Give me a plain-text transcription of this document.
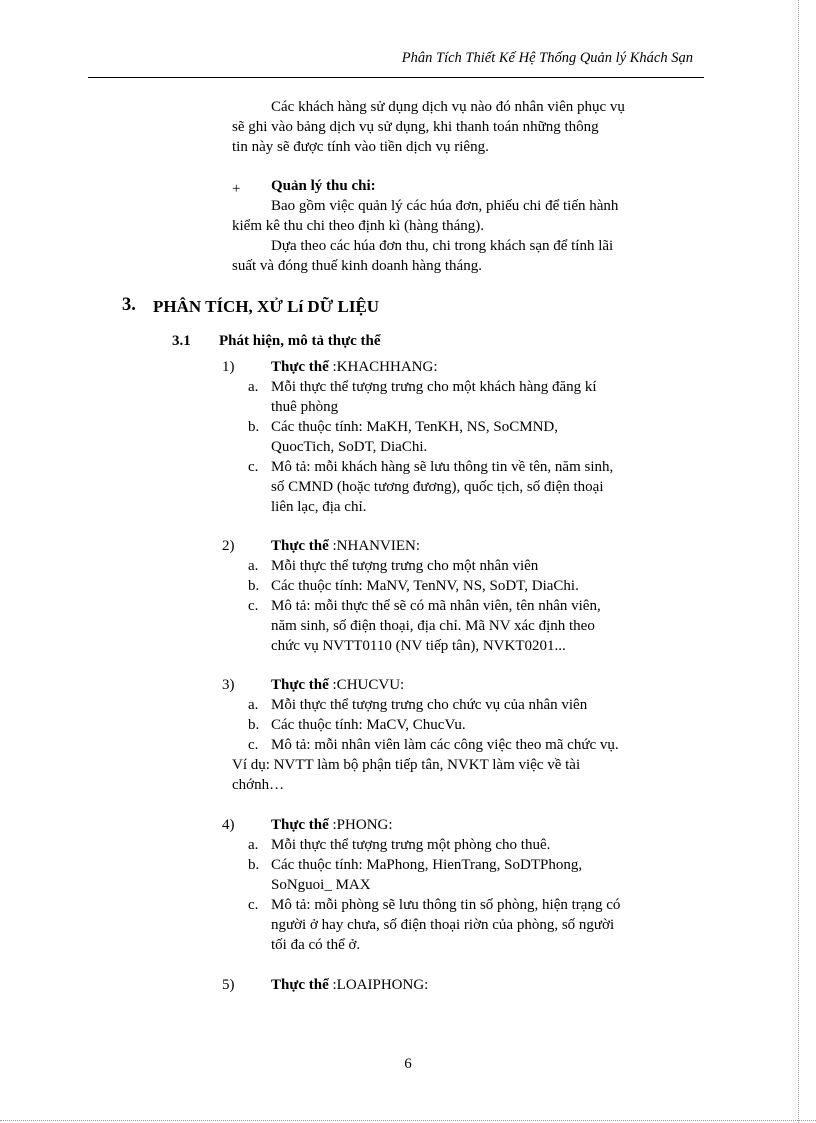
Phân Tích Thiết Kế Hệ Thống Quản lý Khách Sạn
Các khách hàng sử dụng dịch vụ nào đó nhân viên phục vụ
sẽ ghi vào bảng dịch vụ sử dụng, khi thanh toán những thông
tin này sẽ được tính vào tiền dịch vụ riêng.
+ Quản lý thu chi:
Bao gồm việc quản lý các húa đơn, phiếu chi để tiến hành
kiểm kê thu chi theo định kì (hàng tháng).
Dựa theo các húa đơn thu, chi trong khách sạn để tính lãi
suất và đóng thuế kinh doanh hàng tháng.
3. PHÂN TÍCH, XỬ Lí DỮ LIỆU
3.1 Phát hiện, mô tả thực thể
1) Thực thể :KHACHHANG:
a. Mỗi thực thể tượng trưng cho một khách hàng đăng kí
thuê phòng
b. Các thuộc tính: MaKH, TenKH, NS, SoCMND,
QuocTich, SoDT, DiaChi.
c. Mô tả: mỗi khách hàng sẽ lưu thông tin về tên, năm sinh,
số CMND (hoặc tương đương), quốc tịch, số điện thoại
liên lạc, địa chỉ.
2) Thực thể :NHANVIEN:
a. Mỗi thực thể tượng trưng cho một nhân viên
b. Các thuộc tính: MaNV, TenNV, NS, SoDT, DiaChi.
c. Mô tả: mỗi thực thể sẽ có mã nhân viên, tên nhân viên,
năm sinh, số điện thoại, địa chỉ. Mã NV xác định theo
chức vụ NVTT0110 (NV tiếp tân), NVKT0201...
3) Thực thể :CHUCVU:
a. Mỗi thực thể tượng trưng cho chức vụ của nhân viên
b. Các thuộc tính: MaCV, ChucVu.
c. Mô tả: mỗi nhân viên làm các công việc theo mã chức vụ.
Ví dụ: NVTT làm bộ phận tiếp tân, NVKT làm việc về tài
chớnh…
4) Thực thể :PHONG:
a. Mỗi thực thể tượng trưng một phòng cho thuê.
b. Các thuộc tính: MaPhong, HienTrang, SoDTPhong,
SoNguoi_ MAX
c. Mô tả: mỗi phòng sẽ lưu thông tin số phòng, hiện trạng có
người ở hay chưa, số điện thoại riờn của phòng, số người
tối đa có thể ở.
5) Thực thể :LOAIPHONG:
6
